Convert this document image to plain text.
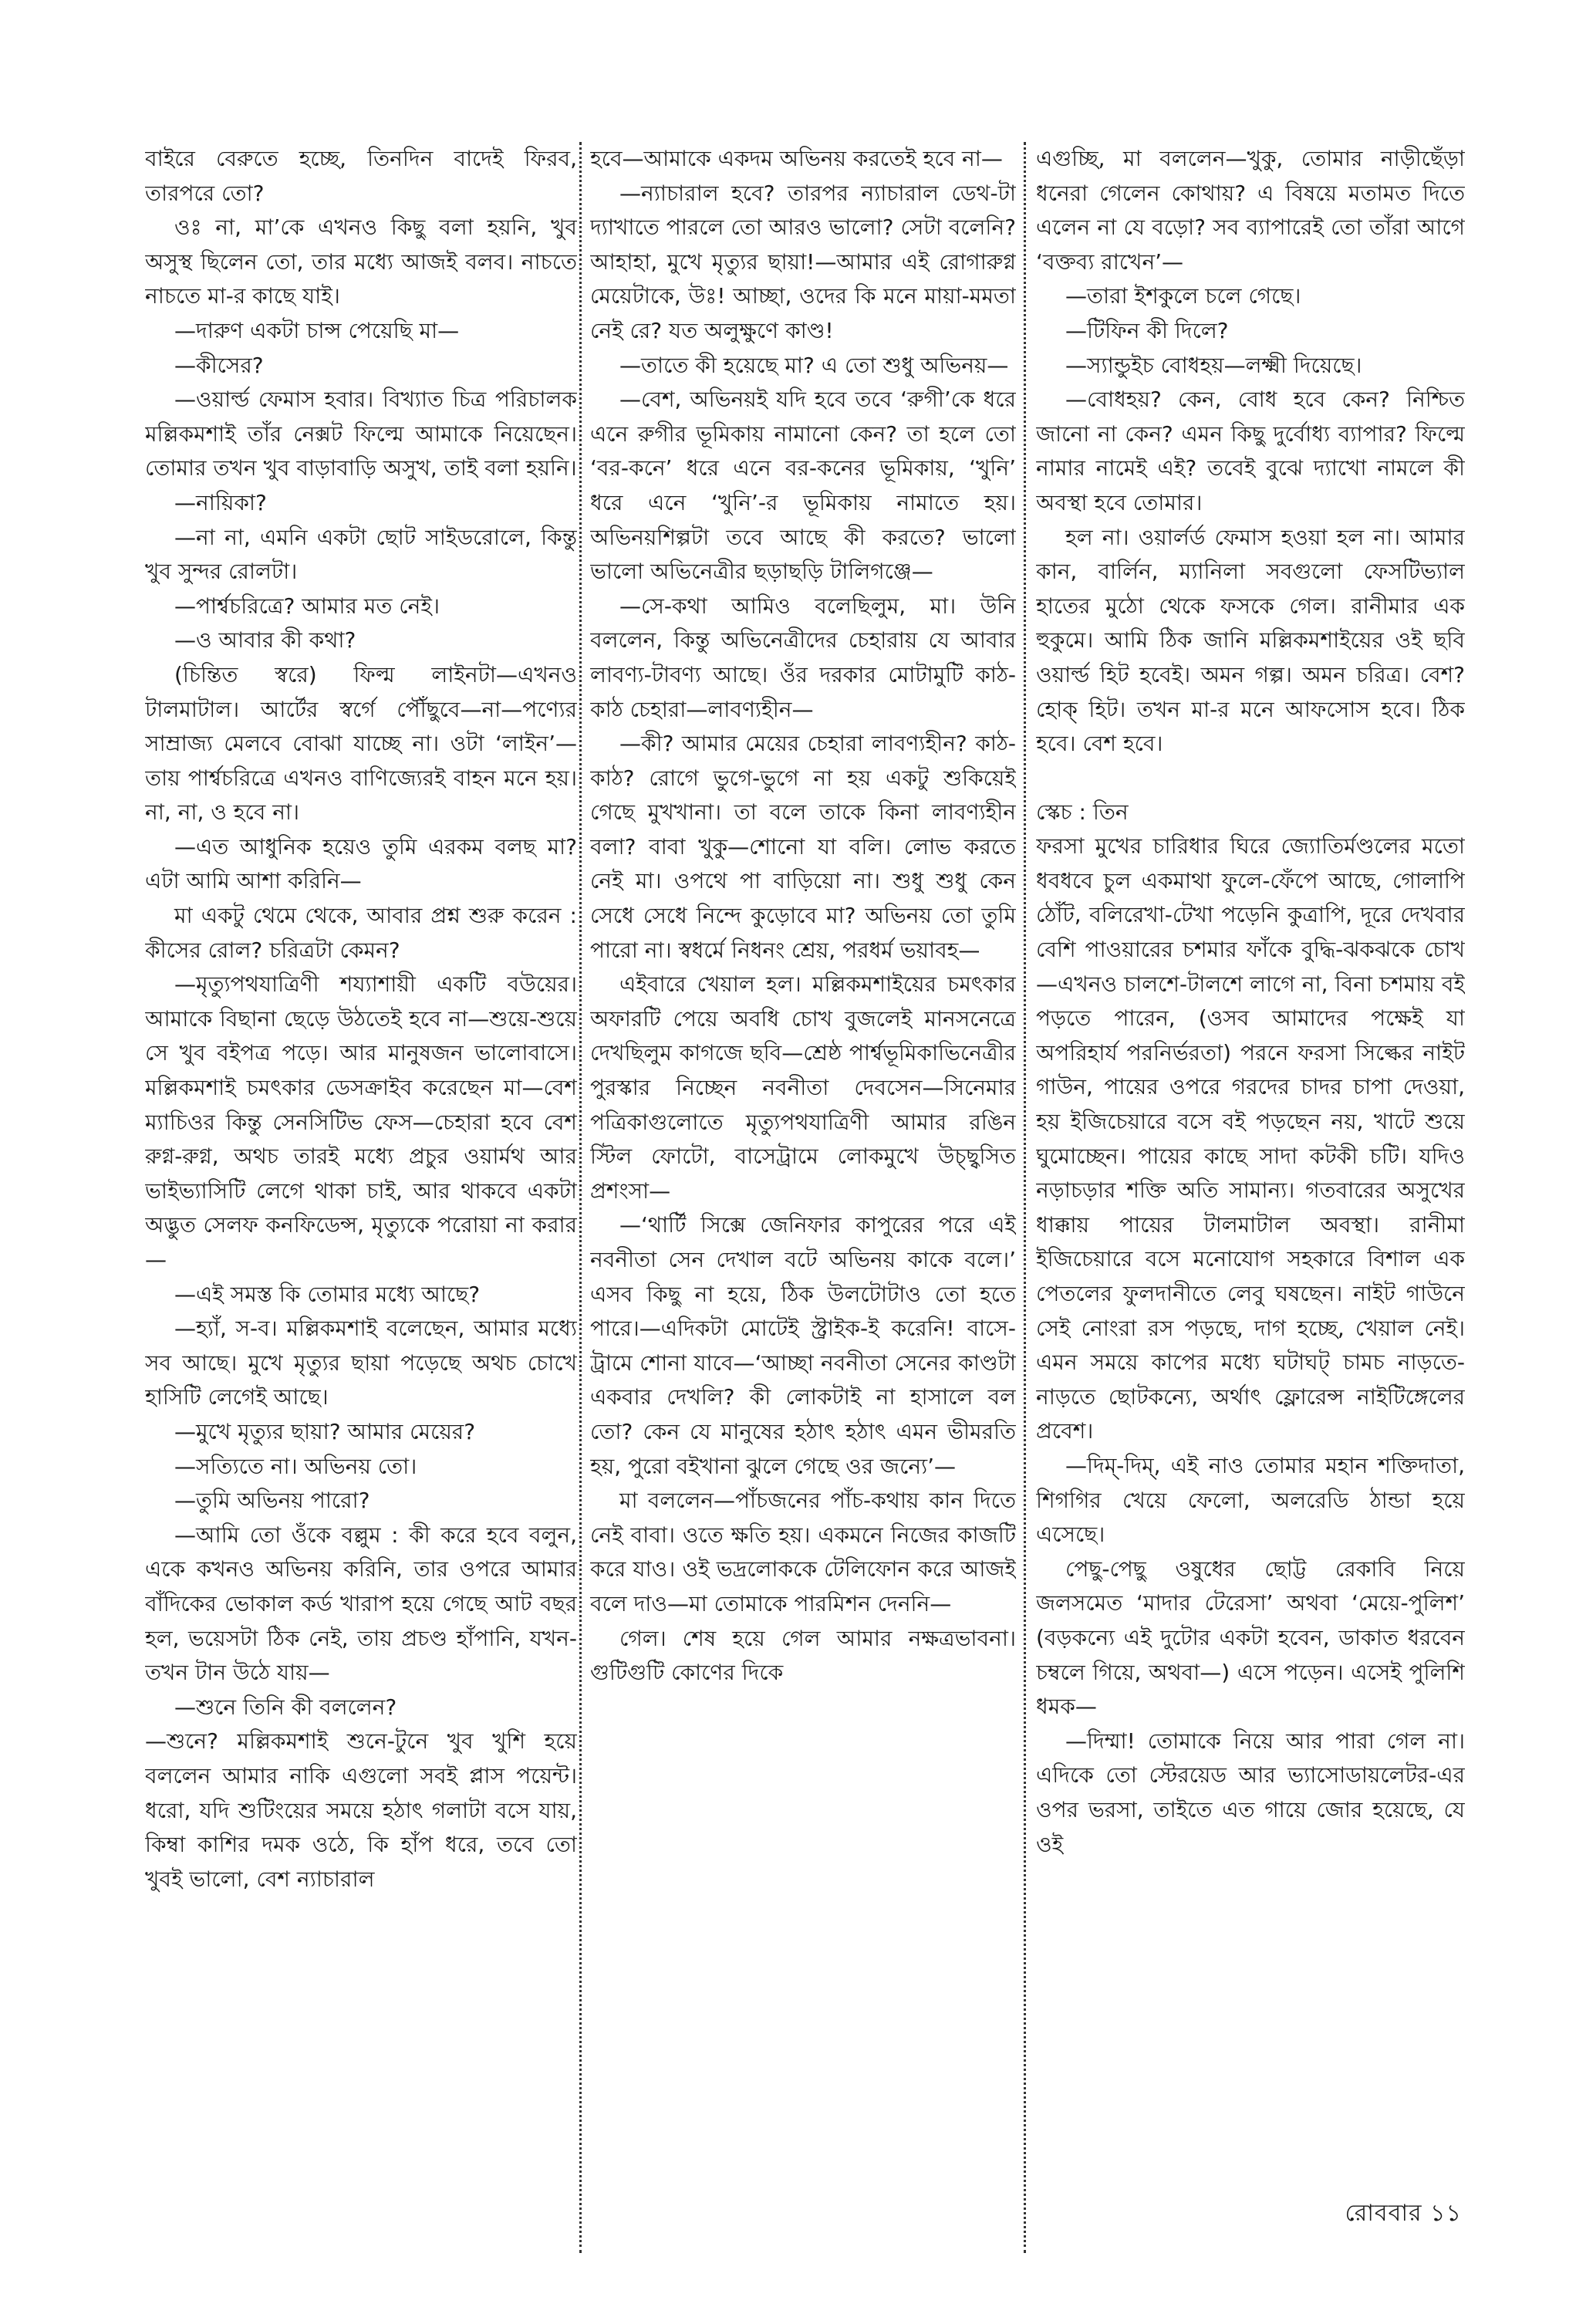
বাইরে বেরুতে হচ্ছে, তিনদিন বাদেই ফিরব, তারপরে তো?

ওঃ না, মা’কে এখনও কিছু বলা হয়নি, খুব অসুস্থ ছিলেন তো, তার মধ্যে আজই বলব। নাচতে নাচতে মা-র কাছে যাই।

—দারুণ একটা চান্স পেয়েছি মা—

—কীসের?

—ওয়ার্ল্ড ফেমাস হবার। বিখ্যাত চিত্র পরিচালক মল্লিকমশাই তাঁর নেক্সট ফিল্মে আমাকে নিয়েছেন। তোমার তখন খুব বাড়াবাড়ি অসুখ, তাই বলা হয়নি।

—নায়িকা?

—না না, এমনি একটা ছোট সাইডরোলে, কিন্তু খুব সুন্দর রোলটা।

—পার্শ্বচরিত্রে? আমার মত নেই।

—ও আবার কী কথা?

(চিন্তিত স্বরে) ফিল্ম লাইনটা—এখনও টালমাটাল। আর্টের স্বর্গে পৌঁছুবে—না—পণ্যের সাম্রাজ্য মেলবে বোঝা যাচ্ছে না। ওটা ‘লাইন’—তায় পার্শ্বচরিত্রে এখনও বাণিজ্যেরই বাহন মনে হয়। না, না, ও হবে না।

—এত আধুনিক হয়েও তুমি এরকম বলছ মা? এটা আমি আশা করিনি—

মা একটু থেমে থেকে, আবার প্রশ্ন শুরু করেন : কীসের রোল? চরিত্রটা কেমন?

—মৃত্যুপথযাত্রিণী শয্যাশায়ী একটি বউয়ের। আমাকে বিছানা ছেড়ে উঠতেই হবে না—শুয়ে-শুয়ে সে খুব বইপত্র পড়ে। আর মানুষজন ভালোবাসে। মল্লিকমশাই চমৎকার ডেসক্রাইব করেছেন মা—বেশ ম্যাচিওর কিন্তু সেনসিটিভ ফেস—চেহারা হবে বেশ রুগ্ন-রুগ্ন, অথচ তারই মধ্যে প্রচুর ওয়ার্মথ আর ভাইভ্যাসিটি লেগে থাকা চাই, আর থাকবে একটা অদ্ভুত সেলফ কনফিডেন্স, মৃত্যুকে পরোয়া না করার—

—এই সমস্ত কি তোমার মধ্যে আছে?

—হ্যাঁ, স-ব। মল্লিকমশাই বলেছেন, আমার মধ্যে সব আছে। মুখে মৃত্যুর ছায়া পড়েছে অথচ চোখে হাসিটি লেগেই আছে।

—মুখে মৃত্যুর ছায়া? আমার মেয়ের?

—সত্যিতে না। অভিনয় তো।

—তুমি অভিনয় পারো?

—আমি তো ওঁকে বল্লুম : কী করে হবে বলুন, একে কখনও অভিনয় করিনি, তার ওপরে আমার বাঁদিকের ভোকাল কর্ড খারাপ হয়ে গেছে আট বছর হল, ভয়েসটা ঠিক নেই, তায় প্রচণ্ড হাঁপানি, যখন-তখন টান উঠে যায়—

—শুনে তিনি কী বললেন?

—শুনে? মল্লিকমশাই শুনে-টুনে খুব খুশি হয়ে বললেন আমার নাকি এগুলো সবই প্লাস পয়েন্ট। ধরো, যদি শুটিংয়ের সময়ে হঠাৎ গলাটা বসে যায়, কিম্বা কাশির দমক ওঠে, কি হাঁপ ধরে, তবে তো খুবই ভালো, বেশ ন্যাচারাল

হবে—আমাকে একদম অভিনয় করতেই হবে না—

—ন্যাচারাল হবে? তারপর ন্যাচারাল ডেথ-টা দ্যাখাতে পারলে তো আরও ভালো? সেটা বলেনি? আহাহা, মুখে মৃত্যুর ছায়া!—আমার এই রোগারুগ্ন মেয়েটাকে, উঃ! আচ্ছা, ওদের কি মনে মায়া-মমতা নেই রে? যত অলুক্ষুণে কাণ্ড!

—তাতে কী হয়েছে মা? এ তো শুধু অভিনয়—

—বেশ, অভিনয়ই যদি হবে তবে ‘রুগী’কে ধরে এনে রুগীর ভূমিকায় নামানো কেন? তা হলে তো ‘বর-কনে’ ধরে এনে বর-কনের ভূমিকায়, ‘খুনি’ ধরে এনে ‘খুনি’-র ভূমিকায় নামাতে হয়। অভিনয়শিল্পটা তবে আছে কী করতে? ভালো ভালো অভিনেত্রীর ছড়াছড়ি টালিগঞ্জে—

—সে-কথা আমিও বলেছিলুম, মা। উনি বললেন, কিন্তু অভিনেত্রীদের চেহারায় যে আবার লাবণ্য-টাবণ্য আছে। ওঁর দরকার মোটামুটি কাঠ-কাঠ চেহারা—লাবণ্যহীন—

—কী? আমার মেয়ের চেহারা লাবণ্যহীন? কাঠ-কাঠ? রোগে ভুগে-ভুগে না হয় একটু শুকিয়েই গেছে মুখখানা। তা বলে তাকে কিনা লাবণ্যহীন বলা? বাবা খুকু—শোনো যা বলি। লোভ করতে নেই মা। ওপথে পা বাড়িয়ো না। শুধু শুধু কেন সেধে সেধে নিন্দে কুড়োবে মা? অভিনয় তো তুমি পারো না। স্বধর্মে নিধনং শ্রেয়, পরধর্ম ভয়াবহ—

এইবারে খেয়াল হল। মল্লিকমশাইয়ের চমৎকার অফারটি পেয়ে অবধি চোখ বুজলেই মানসনেত্রে দেখছিলুম কাগজে ছবি—শ্রেষ্ঠ পার্শ্বভূমিকাভিনেত্রীর পুরস্কার নিচ্ছেন নবনীতা দেবসেন—সিনেমার পত্রিকাগুলোতে মৃত্যুপথযাত্রিণী আমার রঙিন স্টিল ফোটো, বাসেট্রামে লোকমুখে উচ্ছ্বসিত প্রশংসা—

—‘থার্টি সিক্সে জেনিফার কাপুরের পরে এই নবনীতা সেন দেখাল বটে অভিনয় কাকে বলে।’ এসব কিছু না হয়ে, ঠিক উলটোটাও তো হতে পারে।—এদিকটা মোটেই স্ট্রাইক-ই করেনি! বাসে-ট্রামে শোনা যাবে—‘আচ্ছা নবনীতা সেনের কাণ্ডটা একবার দেখলি? কী লোকটাই না হাসালে বল তো? কেন যে মানুষের হঠাৎ হঠাৎ এমন ভীমরতি হয়, পুরো বইখানা ঝুলে গেছে ওর জন্যে’—

মা বললেন—পাঁচজনের পাঁচ-কথায় কান দিতে নেই বাবা। ওতে ক্ষতি হয়। একমনে নিজের কাজটি করে যাও। ওই ভদ্রলোককে টেলিফোন করে আজই বলে দাও—মা তোমাকে পারমিশন দেননি—

গেল। শেষ হয়ে গেল আমার নক্ষত্রভাবনা। গুটিগুটি কোণের দিকে

এগুচ্ছি, মা বললেন—খুকু, তোমার নাড়ীছেঁড়া ধনেরা গেলেন কোথায়? এ বিষয়ে মতামত দিতে এলেন না যে বড়ো? সব ব্যাপারেই তো তাঁরা আগে ‘বক্তব্য রাখেন’—

—তারা ইশকুলে চলে গেছে।

—টিফিন কী দিলে?

—স্যান্ডুইচ বোধহয়—লক্ষ্মী দিয়েছে।

—বোধহয়? কেন, বোধ হবে কেন? নিশ্চিত জানো না কেন? এমন কিছু দুর্বোধ্য ব্যাপার? ফিল্মে নামার নামেই এই? তবেই বুঝে দ্যাখো নামলে কী অবস্থা হবে তোমার।

হল না। ওয়ার্লর্ড ফেমাস হওয়া হল না। আমার কান, বার্লিন, ম্যানিলা সবগুলো ফেসটিভ্যাল হাতের মুঠো থেকে ফসকে গেল। রানীমার এক হুকুমে। আমি ঠিক জানি মল্লিকমশাইয়ের ওই ছবি ওয়ার্ল্ড হিট হবেই। অমন গল্প। অমন চরিত্র। বেশ? হোক্‌ হিট। তখন মা-র মনে আফসোস হবে। ঠিক হবে। বেশ হবে।

স্কেচ : তিন

ফরসা মুখের চারিধার ঘিরে জ্যোতির্মণ্ডলের মতো ধবধবে চুল একমাথা ফুলে-ফেঁপে আছে, গোলাপি ঠোঁট, বলিরেখা-টেখা পড়েনি কুত্রাপি, দূরে দেখবার বেশি পাওয়ারের চশমার ফাঁকে বুদ্ধি-ঝকঝকে চোখ—এখনও চালশে-টালশে লাগে না, বিনা চশমায় বই পড়তে পারেন, (ওসব আমাদের পক্ষেই যা অপরিহার্য পরনির্ভরতা) পরনে ফরসা সিল্কের নাইট গাউন, পায়ের ওপরে গরদের চাদর চাপা দেওয়া, হয় ইজিচেয়ারে বসে বই পড়ছেন নয়, খাটে শুয়ে ঘুমোচ্ছেন। পায়ের কাছে সাদা কটকী চটি। যদিও নড়াচড়ার শক্তি অতি সামান্য। গতবারের অসুখের ধাক্কায় পায়ের টালমাটাল অবস্থা। রানীমা ইজিচেয়ারে বসে মনোযোগ সহকারে বিশাল এক পেতলের ফুলদানীতে লেবু ঘষছেন। নাইট গাউনে সেই নোংরা রস পড়ছে, দাগ হচ্ছে, খেয়াল নেই। এমন সময়ে কাপের মধ্যে ঘটাঘট্‌ চামচ নাড়তে-নাড়তে ছোটকন্যে, অর্থাৎ ফ্লোরেন্স নাইটিঙ্গেলের প্রবেশ।

—দিম্‌-দিম্‌, এই নাও তোমার মহান শক্তিদাতা, শিগগির খেয়ে ফেলো, অলরেডি ঠান্ডা হয়ে এসেছে।

পেছু-পেছু ওষুধের ছোট্ট রেকাবি নিয়ে জলসমেত ‘মাদার টেরেসা’ অথবা ‘মেয়ে-পুলিশ’ (বড়কন্যে এই দুটোর একটা হবেন, ডাকাত ধরবেন চম্বলে গিয়ে, অথবা—) এসে পড়েন। এসেই পুলিশি ধমক—

—দিম্মা! তোমাকে নিয়ে আর পারা গেল না। এদিকে তো স্টেরয়েড আর ভ্যাসোডায়লেটর-এর ওপর ভরসা, তাইতে এত গায়ে জোর হয়েছে, যে ওই

রোববার ১১
